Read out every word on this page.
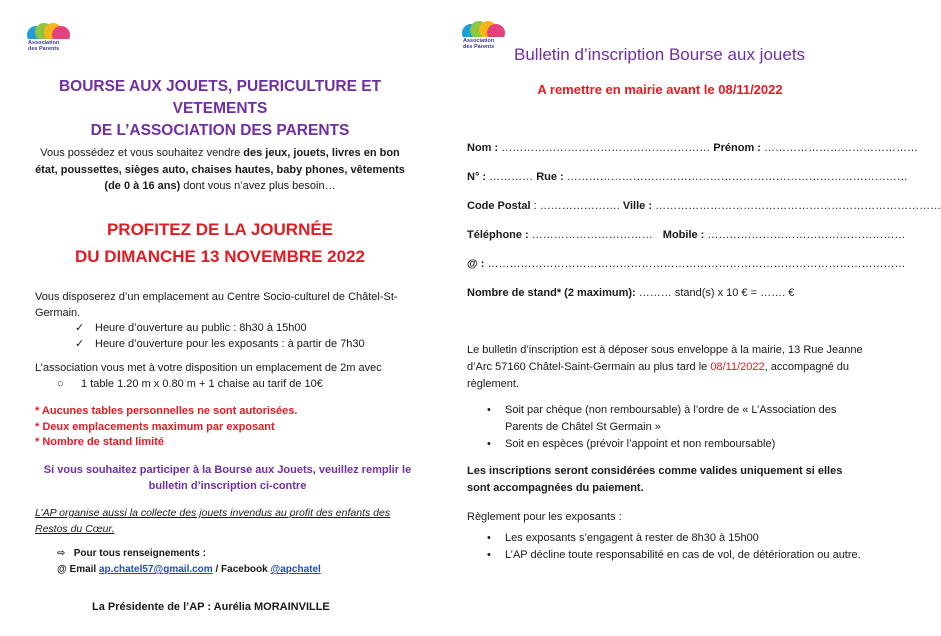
Association
des Parents
Association
des Parents
BOURSE AUX JOUETS, PUERICULTURE ET VETEMENTS
DE L’ASSOCIATION DES PARENTS
Vous possédez et vous souhaitez vendre des jeux, jouets, livres en bon état, poussettes, sièges auto, chaises hautes, baby phones, vêtements (de 0 à 16 ans) dont vous n’avez plus besoin…
PROFITEZ DE LA JOURNÉE
DU DIMANCHE 13 NOVEMBRE 2022
Vous disposerez d’un emplacement au Centre Socio-culturel de Châtel-St-Germain.
✓ Heure d’ouverture au public : 8h30 à 15h00
✓ Heure d’ouverture pour les exposants : à partir de 7h30
L’association vous met à votre disposition un emplacement de 2m avec
○ 1 table 1.20 m x 0.80 m + 1 chaise au tarif de 10€
* Aucunes tables personnelles ne sont autorisées.
* Deux emplacements maximum par exposant
* Nombre de stand limité
Si vous souhaitez participer à la Bourse aux Jouets, veuillez remplir le bulletin d’inscription ci-contre
L’AP organise aussi la collecte des jouets invendus au profit des enfants des Restos du Cœur.
⇨ Pour tous renseignements :
@ Email ap.chatel57@gmail.com / Facebook @apchatel
La Présidente de l’AP : Aurélia MORAINVILLE
Bulletin d’inscription Bourse aux jouets
A remettre en mairie avant le 08/11/2022
Nom : ………………………………………………… Prénom : ……………………………………
N° : ………… Rue : …………………………………………………………………………………
Code Postal : …………………. Ville : ……………………………………………………………………
Téléphone : …………………………… Mobile : ………………………………………………
@ : ……………………………………………………………………………………………………
Nombre de stand* (2 maximum): ……… stand(s) x 10 € = ……. €
Le bulletin d’inscription est à déposer sous enveloppe à la mairie, 13 Rue Jeanne d’Arc 57160 Châtel-Saint-Germain au plus tard le 08/11/2022, accompagné du règlement.
• Soit par chèque (non remboursable) à l’ordre de « L’Association des Parents de Châtel St Germain »
• Soit en espèces (prévoir l’appoint et non remboursable)
Les inscriptions seront considérées comme valides uniquement si elles sont accompagnées du paiement.
Règlement pour les exposants :
• Les exposants s’engagent à rester de 8h30 à 15h00
• L’AP décline toute responsabilité en cas de vol, de détérioration ou autre.
